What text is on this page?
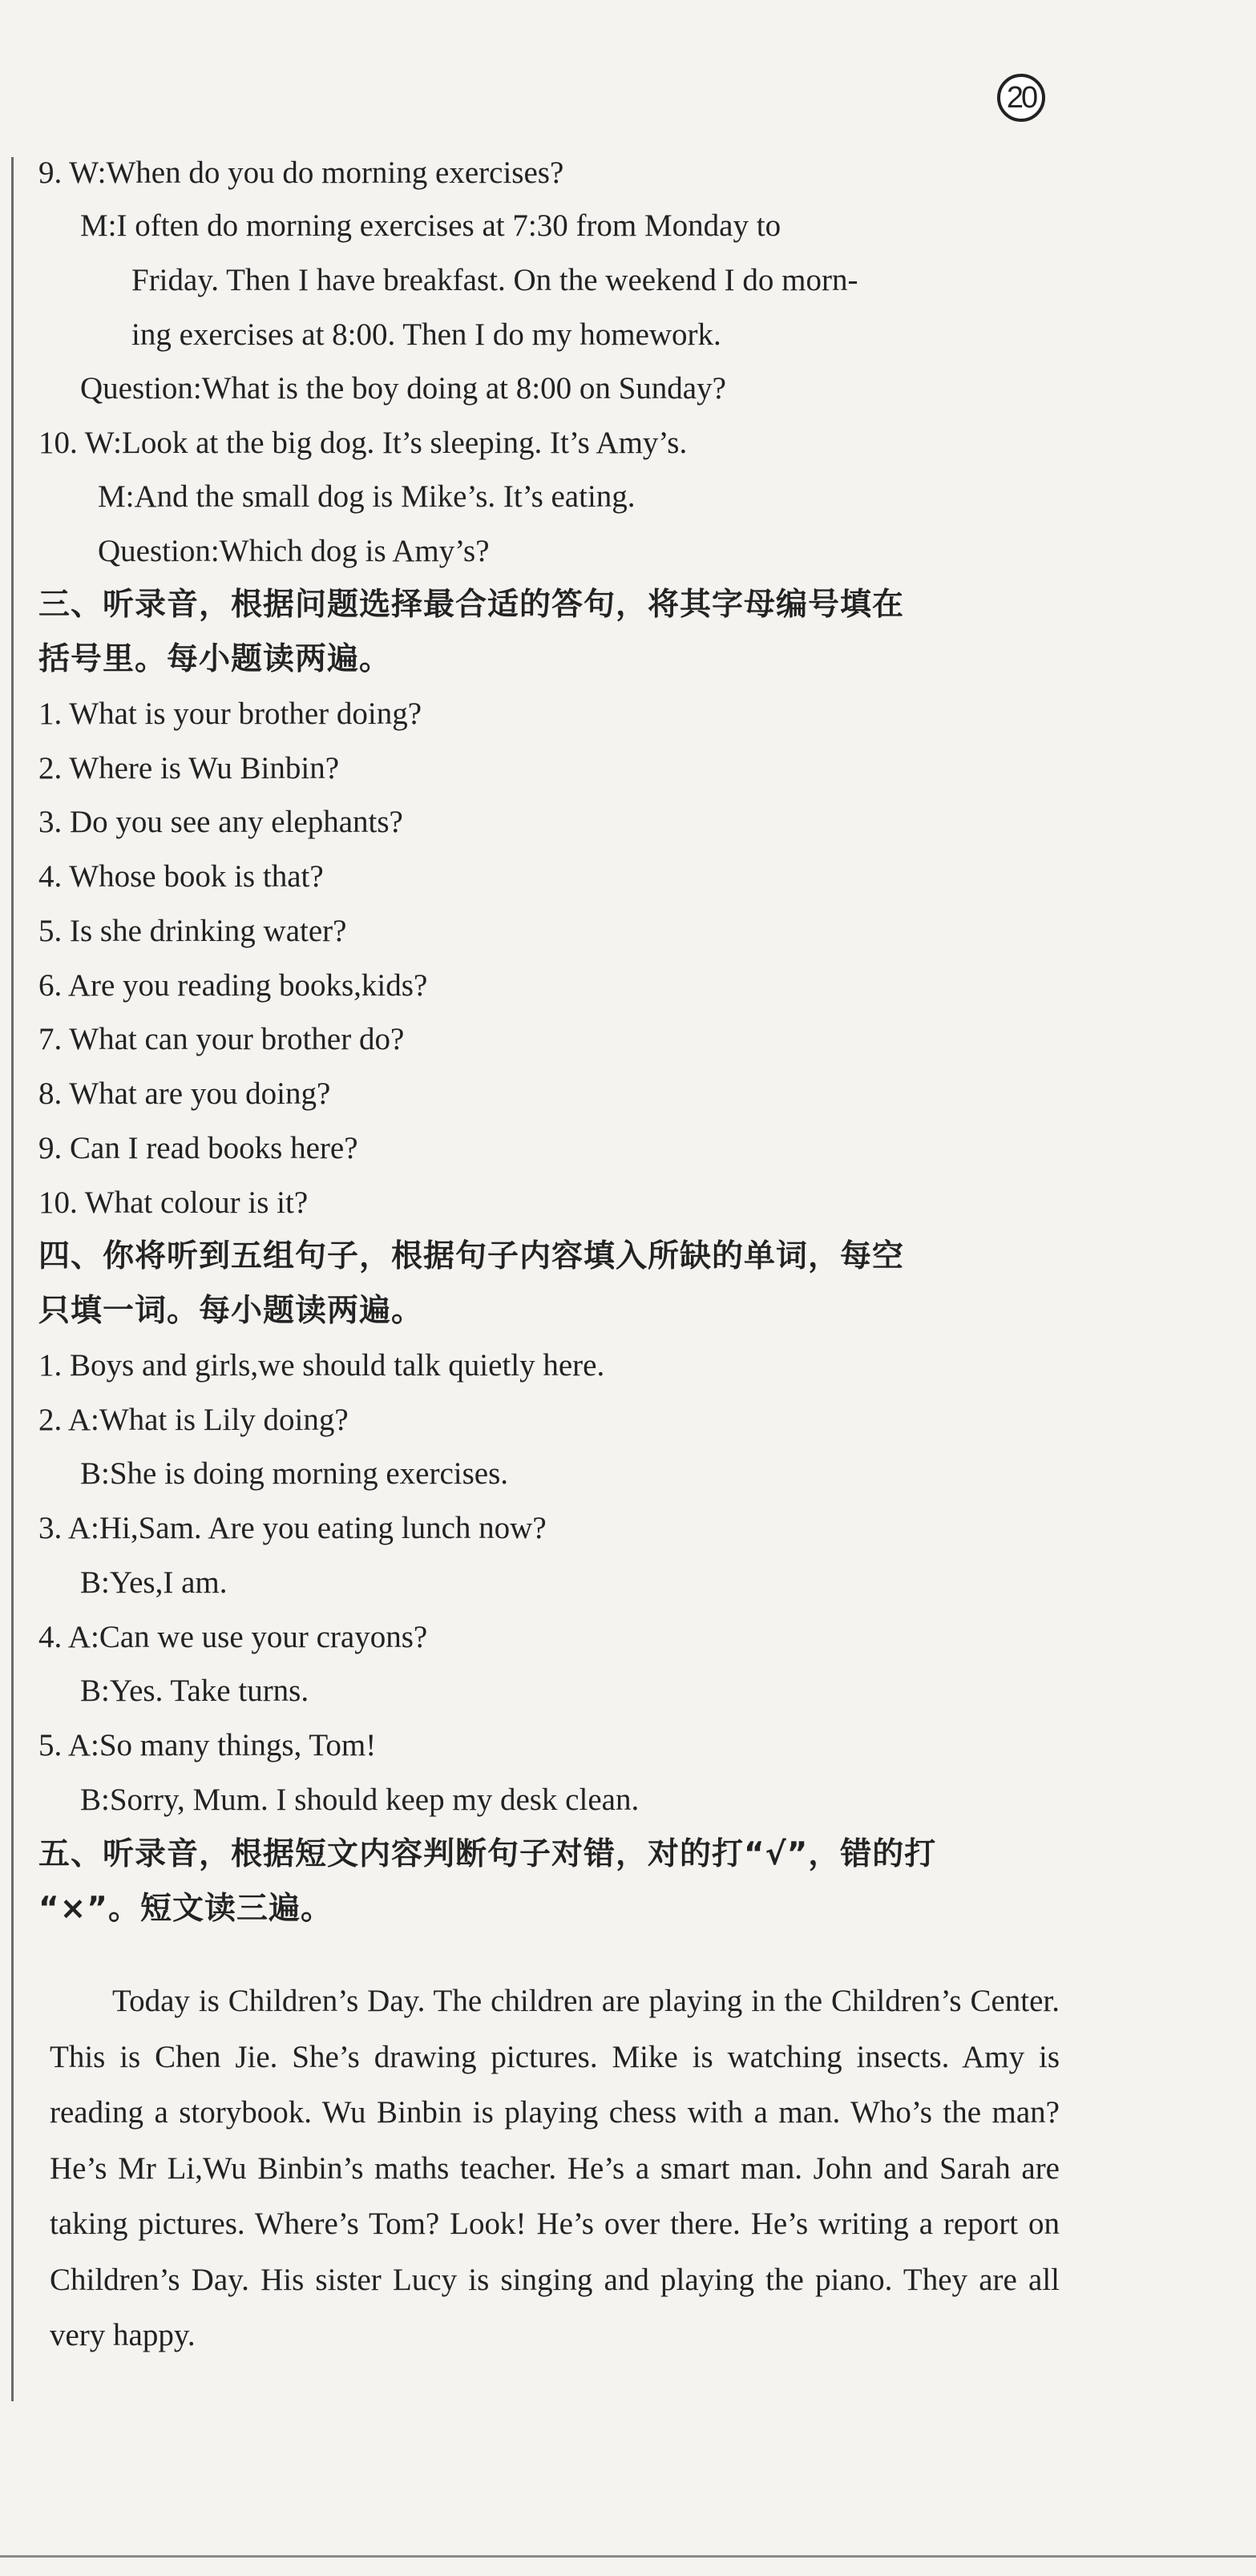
20
9. W:When do you do morning exercises?
M:I often do morning exercises at 7:30 from Monday to
Friday. Then I have breakfast. On the weekend I do morn-
ing exercises at 8:00. Then I do my homework.
Question:What is the boy doing at 8:00 on Sunday?
10. W:Look at the big dog. It’s sleeping. It’s Amy’s.
M:And the small dog is Mike’s. It’s eating.
Question:Which dog is Amy’s?
三、听录音，根据问题选择最合适的答句，将其字母编号填在
括号里。每小题读两遍。
1. What is your brother doing?
2. Where is Wu Binbin?
3. Do you see any elephants?
4. Whose book is that?
5. Is she drinking water?
6. Are you reading books,kids?
7. What can your brother do?
8. What are you doing?
9. Can I read books here?
10. What colour is it?
四、你将听到五组句子，根据句子内容填入所缺的单词，每空
只填一词。每小题读两遍。
1. Boys and girls,we should talk quietly here.
2. A:What is Lily doing?
B:She is doing morning exercises.
3. A:Hi,Sam. Are you eating lunch now?
B:Yes,I am.
4. A:Can we use your crayons?
B:Yes. Take turns.
5. A:So many things, Tom!
B:Sorry, Mum. I should keep my desk clean.
五、听录音，根据短文内容判断句子对错，对的打“√”，错的打
“×”。短文读三遍。
Today is Children’s Day. The children are playing in the Children’s Center. This is Chen Jie. She’s drawing pictures. Mike is watching insects. Amy is reading a storybook. Wu Binbin is playing chess with a man. Who’s the man? He’s Mr Li,Wu Binbin’s maths teacher. He’s a smart man. John and Sarah are taking pictures. Where’s Tom? Look! He’s over there. He’s writing a report on Children’s Day. His sister Lucy is singing and playing the piano. They are all very happy.
